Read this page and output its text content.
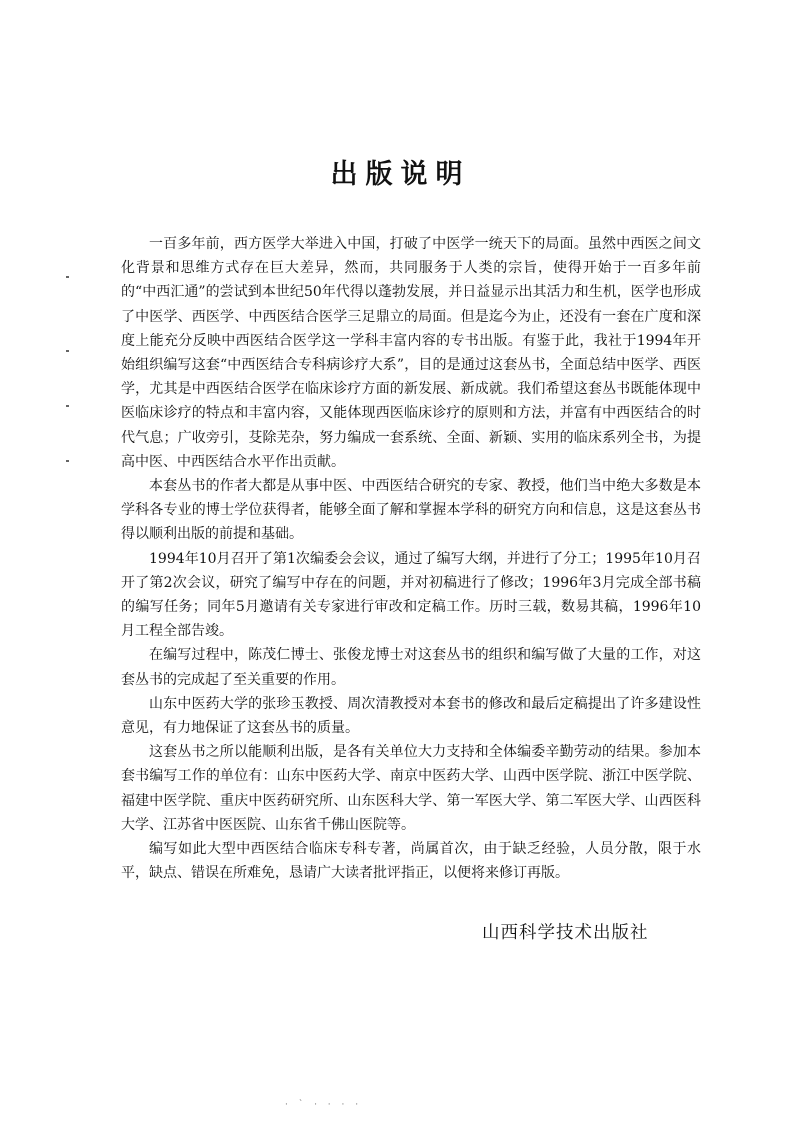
出版说明

一百多年前，西方医学大举进入中国，打破了中医学一统天下的局面。虽然中西医之间文化背景和思维方式存在巨大差异，然而，共同服务于人类的宗旨，使得开始于一百多年前的“中西汇通”的尝试到本世纪50年代得以蓬勃发展，并日益显示出其活力和生机，医学也形成了中医学、西医学、中西医结合医学三足鼎立的局面。但是迄今为止，还没有一套在广度和深度上能充分反映中西医结合医学这一学科丰富内容的专书出版。有鉴于此，我社于1994年开始组织编写这套“中西医结合专科病诊疗大系”，目的是通过这套丛书，全面总结中医学、西医学，尤其是中西医结合医学在临床诊疗方面的新发展、新成就。我们希望这套丛书既能体现中医临床诊疗的特点和丰富内容，又能体现西医临床诊疗的原则和方法，并富有中西医结合的时代气息；广收旁引，芟除芜杂，努力编成一套系统、全面、新颖、实用的临床系列全书，为提高中医、中西医结合水平作出贡献。

本套丛书的作者大都是从事中医、中西医结合研究的专家、教授，他们当中绝大多数是本学科各专业的博士学位获得者，能够全面了解和掌握本学科的研究方向和信息，这是这套丛书得以顺利出版的前提和基础。

1994年10月召开了第1次编委会会议，通过了编写大纲，并进行了分工；1995年10月召开了第2次会议，研究了编写中存在的问题，并对初稿进行了修改；1996年3月完成全部书稿的编写任务；同年5月邀请有关专家进行审改和定稿工作。历时三载，数易其稿，1996年10月工程全部告竣。

在编写过程中，陈茂仁博士、张俊龙博士对这套丛书的组织和编写做了大量的工作，对这套丛书的完成起了至关重要的作用。

山东中医药大学的张珍玉教授、周次清教授对本套书的修改和最后定稿提出了许多建设性意见，有力地保证了这套丛书的质量。

这套丛书之所以能顺利出版，是各有关单位大力支持和全体编委辛勤劳动的结果。参加本套书编写工作的单位有：山东中医药大学、南京中医药大学、山西中医学院、浙江中医学院、福建中医学院、重庆中医药研究所、山东医科大学、第一军医大学、第二军医大学、山西医科大学、江苏省中医医院、山东省千佛山医院等。

编写如此大型中西医结合临床专科专著，尚属首次，由于缺乏经验，人员分散，限于水平，缺点、错误在所难免，恳请广大读者批评指正，以便将来修订再版。

山西科学技术出版社
· ˋ · · · ·
